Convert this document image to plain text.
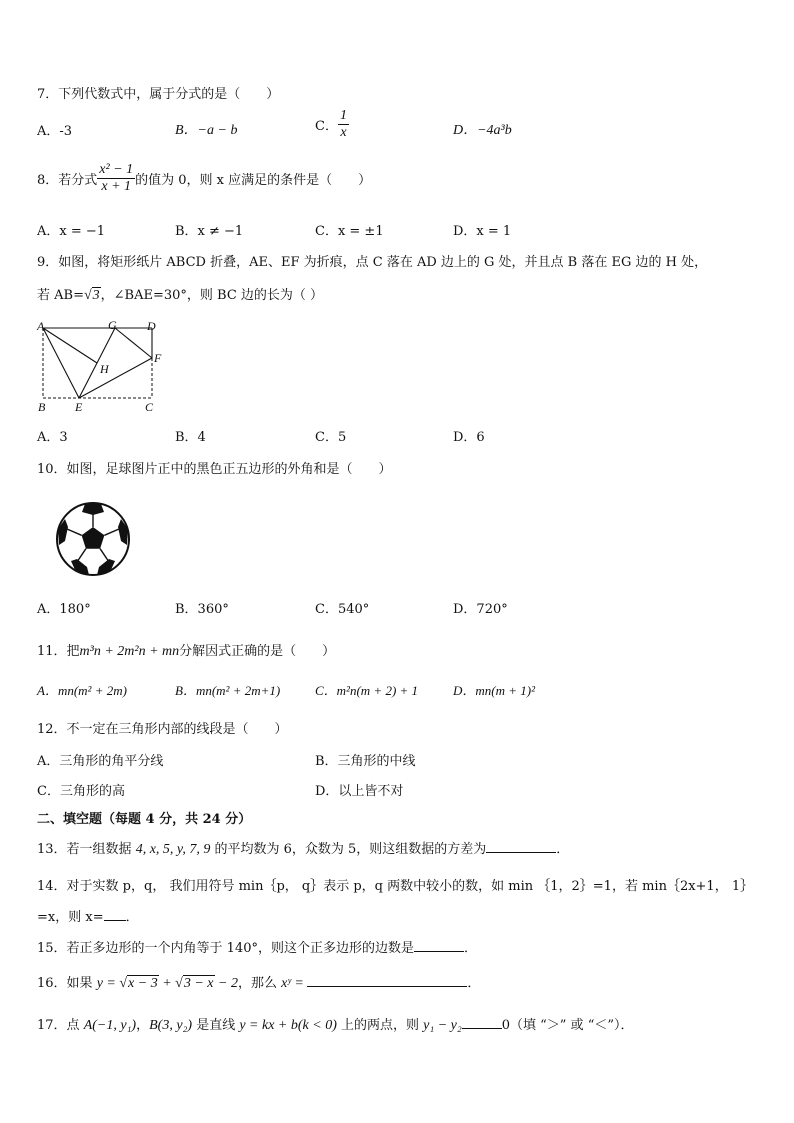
7．下列代数式中，属于分式的是（　　）
A．-3	B．−a − b	C． $\frac{1}{x}$	D．−4a³b
8．若分式 $\frac{\text{x² − 1}}{x + 1}$ 的值为 0，则 x 应满足的条件是（　　）
A．x = −1	B．x ≠ −1	C．x = ±1	D．x = 1
9．如图，将矩形纸片 ABCD 折叠，AE、EF 为折痕，点 C 落在 AD 边上的 G 处，并且点 B 落在 EG 边的 H 处，
若 AB=√3，∠BAE=30°，则 BC 边的长为（ ）
A	G	D
F
H
B E	C
A．3	B．4	C．5	D．6
10．如图，足球图片正中的黑色正五边形的外角和是（　　）
A．180°	B．360°	C．540°	D．720°
11．把m³n + 2m²n + mn分解因式正确的是（　　）
A．mn(m² + 2m)	B．mn(m² + 2m+1)	C．m²n(m + 2) + 1	D．mn(m + 1)²
12．不一定在三角形内部的线段是（　　）
A．三角形的角平分线	B．三角形的中线
C．三角形的高	D．以上皆不对
二、填空题（每题 4 分，共 24 分）
13．若一组数据 4, x, 5, y, 7, 9 的平均数为 6，众数为 5，则这组数据的方差为	．
14．对于实数 p，q， 我们用符号 min｛p， q｝表示 p，q 两数中较小的数，如 min ｛1，2｝=1，若 min｛2x+1， 1｝
=x，则 x= ．
15．若正多边形的一个内角等于 140°，则这个正多边形的边数是	．
16．如果 y = √x − 3 + √3 − x − 2，那么 xʸ =	．
17．点 A(−1, y₁)，B(3, y₂) 是直线 y = kx + b(k < 0) 上的两点，则 y₁ − y₂	0（填 “＞” 或 “＜”）．
